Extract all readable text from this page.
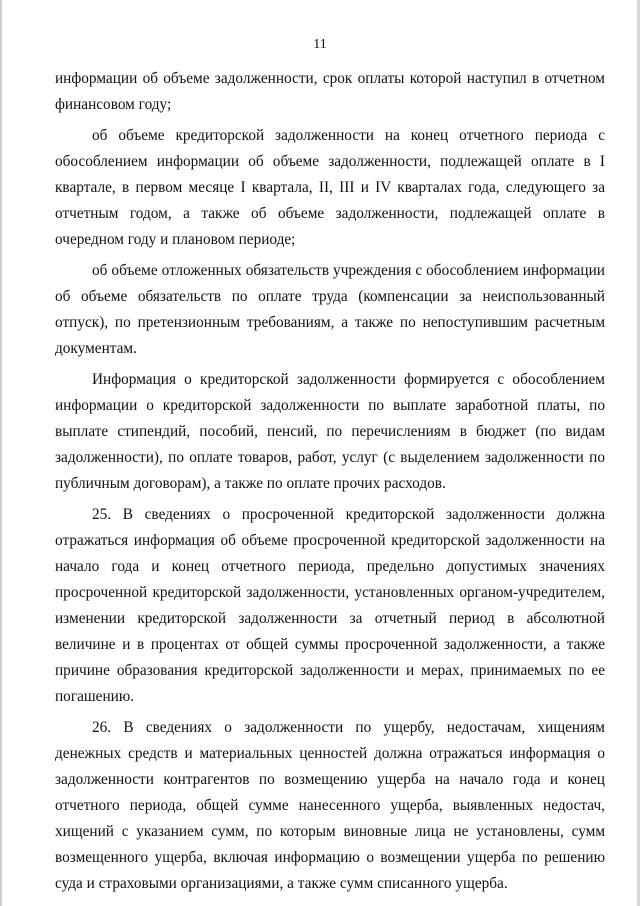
11

информации об объеме задолженности, срок оплаты которой наступил в отчетном финансовом году;

об объеме кредиторской задолженности на конец отчетного периода с обособлением информации об объеме задолженности, подлежащей оплате в I квартале, в первом месяце I квартала, II, III и IV кварталах года, следующего за отчетным годом, а также об объеме задолженности, подлежащей оплате в очередном году и плановом периоде;

об объеме отложенных обязательств учреждения с обособлением информации об объеме обязательств по оплате труда (компенсации за неиспользованный отпуск), по претензионным требованиям, а также по непоступившим расчетным документам.

Информация о кредиторской задолженности формируется с обособлением информации о кредиторской задолженности по выплате заработной платы, по выплате стипендий, пособий, пенсий, по перечислениям в бюджет (по видам задолженности), по оплате товаров, работ, услуг (с выделением задолженности по публичным договорам), а также по оплате прочих расходов.

25. В сведениях о просроченной кредиторской задолженности должна отражаться информация об объеме просроченной кредиторской задолженности на начало года и конец отчетного периода, предельно допустимых значениях просроченной кредиторской задолженности, установленных органом-учредителем, изменении кредиторской задолженности за отчетный период в абсолютной величине и в процентах от общей суммы просроченной задолженности, а также причине образования кредиторской задолженности и мерах, принимаемых по ее погашению.

26. В сведениях о задолженности по ущербу, недостачам, хищениям денежных средств и материальных ценностей должна отражаться информация о задолженности контрагентов по возмещению ущерба на начало года и конец отчетного периода, общей сумме нанесенного ущерба, выявленных недостач, хищений с указанием сумм, по которым виновные лица не установлены, сумм возмещенного ущерба, включая информацию о возмещении ущерба по решению суда и страховыми организациями, а также сумм списанного ущерба.
